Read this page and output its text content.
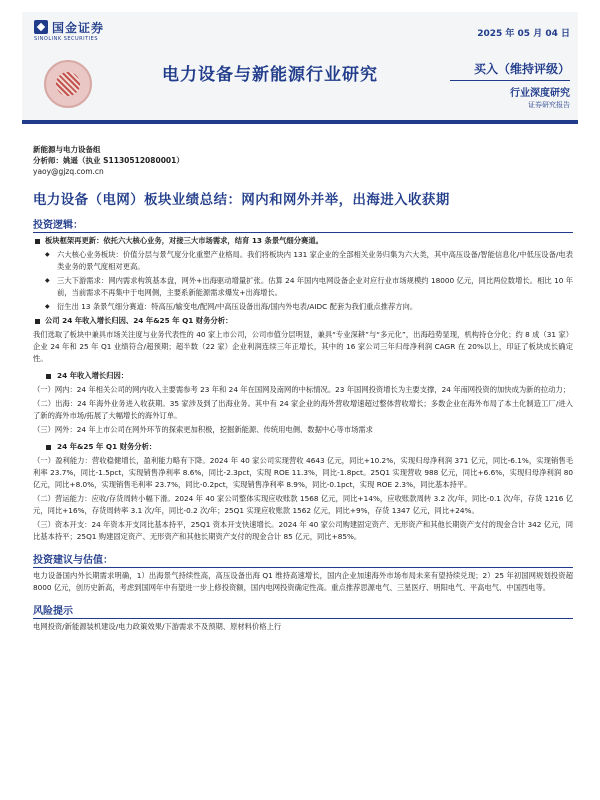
国金证券
SINOLINK SECURITIES	2025 年 05 月 04 日
电力设备与新能源行业研究	买入（维持评级）
行业深度研究
证券研究报告
新能源与电力设备组
分析师：姚遥（执业 S1130512080001）
yaoy@gjzq.com.cn
电力设备（电网）板块业绩总结：网内和网外并举，出海进入收获期
投资逻辑：

板块框架再更新：依托六大核心业务，对接三大市场需求，结育 13 条景气细分赛道。

◆ 六大核心业务板块：价值分层与景气度分化重塑产业格局。我们将板块内 131 家企业的全部相关业务归集为六大类，其中高压设备/智能信息化/中低压设备/电表类业务的景气度相对更高。

◆ 三大下游需求：网内需求构筑基本盘，网外+出海驱动增量扩张。估算 24 年国内电网设备企业对应行业市场规模约 18000 亿元，同比两位数增长。相比 10 年前，当前需求不再集中于电网侧，主要系新能源需求爆发+出海增长。

◆ 衍生出 13 条景气细分赛道：特高压/输变电/配网/中高压设备出海/国内外电表/AIDC 配套为我们重点推荐方向。

公司 24 年收入增长归因、24 年&25 年 Q1 财务分析：

我们选取了板块中兼具市场关注度与业务代表性的 40 家上市公司，公司市值分层明显，兼具“专业深耕”与“多元化”，出海趋势显现，机构持仓分化；约 8 成（31 家）企业 24 年和 25 年 Q1 业绩符合/超预期；超半数（22 家）企业利润连续三年正增长，其中的 16 家公司三年归母净利润 CAGR 在 20%以上，印证了板块成长确定性。

24 年收入增长归因：

（一）网内：24 年相关公司的网内收入主要需参考 23 年和 24 年在国网及南网的中标情况。23 年国网投资增长为主要支撑，24 年南网投资的加快成为新的拉动力；

（二）出海：24 年海外业务进入收获期。35 家涉及到了出海业务。其中有 24 家企业的海外营收增速超过整体营收增长；多数企业在海外布局了本土化制造工厂/进入了新的海外市场/拓展了大幅增长的海外订单。

（三）网外：24 年上市公司在网外环节的探索更加积极，挖掘新能源、传统用电侧、数据中心等市场需求

24 年&25 年 Q1 财务分析：

（一）盈利能力：营收稳健增长，盈利能力略有下降。2024 年 40 家公司实现营收 4643 亿元，同比+10.2%，实现归母净利润 371 亿元，同比-6.1%，实现销售毛利率 23.7%，同比-1.5pct，实现销售净利率 8.6%，同比-2.3pct，实现 ROE 11.3%，同比-1.8pct。25Q1 实现营收 988 亿元，同比+6.6%，实现归母净利润 80 亿元，同比+8.0%，实现销售毛利率 23.7%，同比-0.2pct，实现销售净利率 8.9%，同比-0.1pct，实现 ROE 2.3%，同比基本持平。

（二）营运能力：应收/存货周转小幅下滑。2024 年 40 家公司整体实现应收账款 1568 亿元，同比+14%，应收账款周转 3.2 次/年，同比-0.1 次/年，存货 1216 亿元，同比+16%，存货周转率 3.1 次/年，同比-0.2 次/年；25Q1 实现应收账款 1562 亿元，同比+9%，存货 1347 亿元，同比+24%。

（三）资本开支：24 年资本开支同比基本持平，25Q1 资本开支快速增长。2024 年 40 家公司购建固定资产、无形资产和其他长期资产支付的现金合计 342 亿元，同比基本持平；25Q1 购建固定资产、无形资产和其他长期资产支付的现金合计 85 亿元，同比+85%。

投资建议与估值：

电力设备国内外长期需求明确，1）出海景气持续性高，高压设备出海 Q1 维持高速增长，国内企业加速海外市场布局未来有望持续兑现；2）25 年初国网规划投资超 8000 亿元，创历史新高，考虑到国网年中有望进一步上修投资额，国内电网投资确定性高。重点推荐思源电气、三星医疗、明阳电气、平高电气、中国西电等。

风险提示

电网投资/新能源装机建设/电力政策效果/下游需求不及预期、原材料价格上行
